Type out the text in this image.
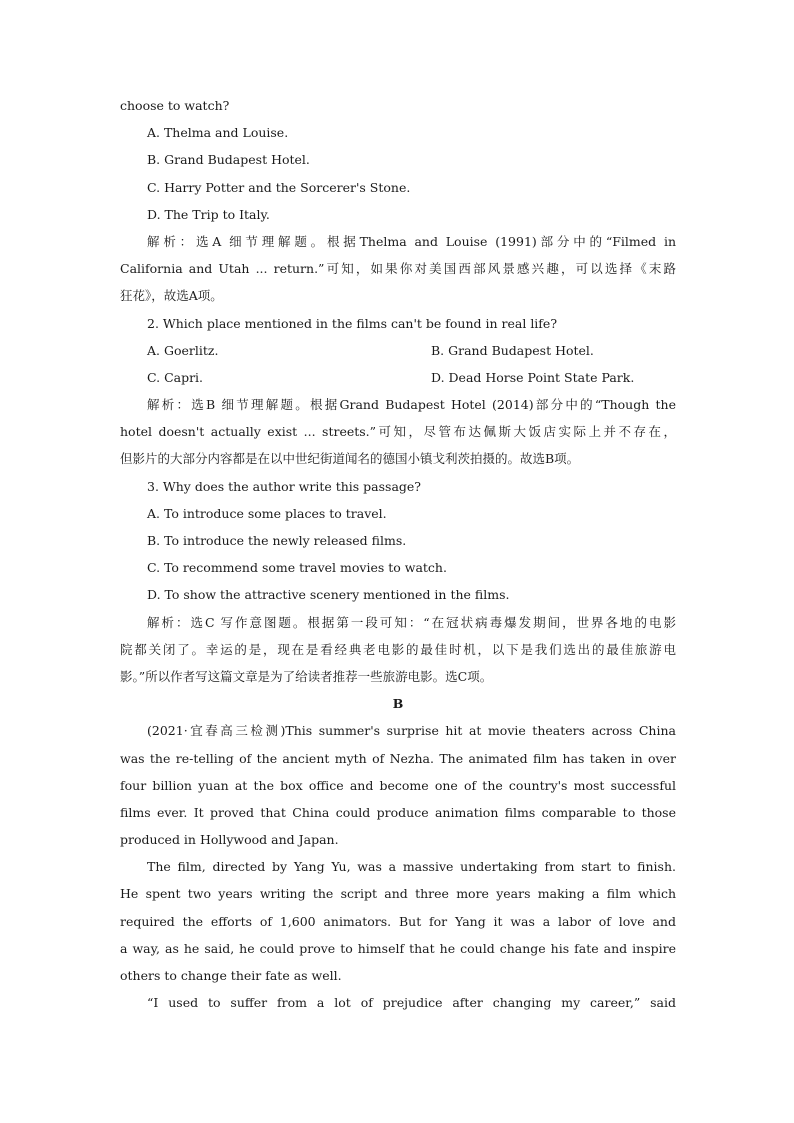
choose to watch?
A. Thelma and Louise.
B. Grand Budapest Hotel.
C. Harry Potter and the Sorcerer's Stone.
D. The Trip to Italy.
解析：选A 细节理解题。根据Thelma and Louise (1991)部分中的“Filmed in
California and Utah ... return.”可知，如果你对美国西部风景感兴趣，可以选择《末路
狂花》，故选A项。
2. Which place mentioned in the films can't be found in real life?
A. Goerlitz.	B. Grand Budapest Hotel.
C. Capri.	D. Dead Horse Point State Park.
解析：选B 细节理解题。根据Grand Budapest Hotel (2014)部分中的“Though the
hotel doesn't actually exist ... streets.”可知，尽管布达佩斯大饭店实际上并不存在，
但影片的大部分内容都是在以中世纪街道闻名的德国小镇戈利茨拍摄的。故选B项。
3. Why does the author write this passage?
A. To introduce some places to travel.
B. To introduce the newly released films.
C. To recommend some travel movies to watch.
D. To show the attractive scenery mentioned in the films.
解析：选C 写作意图题。根据第一段可知：“在冠状病毒爆发期间，世界各地的电影
院都关闭了。幸运的是，现在是看经典老电影的最佳时机，以下是我们选出的最佳旅游电
影。”所以作者写这篇文章是为了给读者推荐一些旅游电影。选C项。
B
(2021·宜春高三检测)This summer's surprise hit at movie theaters across China
was the re-telling of the ancient myth of Nezha. The animated film has taken in over
four billion yuan at the box office and become one of the country's most successful
films ever. It proved that China could produce animation films comparable to those
produced in Hollywood and Japan.
The film, directed by Yang Yu, was a massive undertaking from start to finish.
He spent two years writing the script and three more years making a film which
required the efforts of 1,600 animators. But for Yang it was a labor of love and
a way, as he said, he could prove to himself that he could change his fate and inspire
others to change their fate as well.
“I used to suffer from a lot of prejudice after changing my career,” said
